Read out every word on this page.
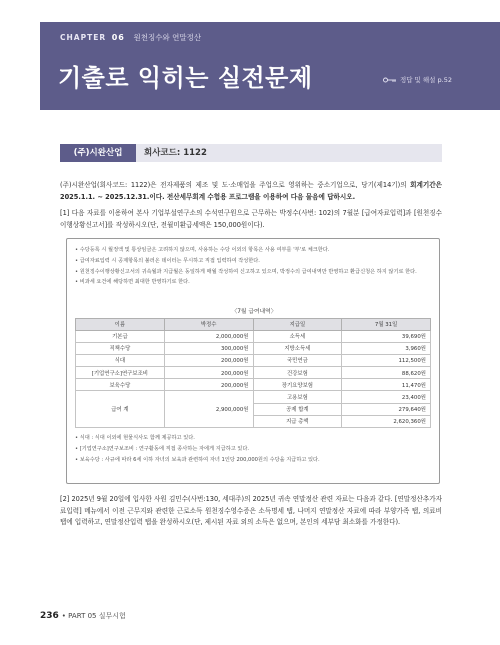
CHAPTER 06 원천징수와 연말정산
기출로 익히는 실전문제	정답 및 해설 p.52
(주)시완산업	회사코드: 1122
(주)시완산업(회사코드: 1122)은 전자제품의 제조 및 도·소매업을 주업으로 영위하는 중소기업으로, 당기(제14기)의 회계기간은 2025.1.1. ~ 2025.12.31.이다. 전산세무회계 수험용 프로그램을 이용하여 다음 물음에 답하시오.
[1] 다음 자료를 이용하여 본사 기업부설연구소의 수석연구원으로 근무하는 박정수(사번: 102)의 7월분 [급여자료입력]과 [원천징수이행상황신고서]를 작성하시오(단, 전월미환급세액은 150,000원이다).
• 수당등록 시 월정액 및 통상임금은 고려하지 않으며, 사용하는 수당 이외의 항목은 사용 여부를 '부'로 체크한다.
• 급여자료입력 시 공제항목의 불러온 데이터는 무시하고 직접 입력하여 작성한다.
• 원천징수이행상황신고서의 귀속월과 지급월은 동일하게 매월 작성하여 신고하고 있으며, 박정수의 급여내역만 반영하고 환급신청은 하지 않기로 한다.
• 비과세 요건에 해당하면 최대한 반영하기로 한다.
〈7월 급여내역〉
이름	박정수	지급일	7월 31일
기본급	2,000,000원	소득세	39,690원
직책수당	300,000원	지방소득세	3,960원
식대	200,000원	국민연금	112,500원
[기업연구소]연구보조비	200,000원	건강보험	88,620원
보육수당	200,000원	장기요양보험	11,470원
급여 계	2,900,000원	고용보험	23,400원
		공제 합계	279,640원
		지급 총액	2,620,360원
• 식대 : 식대 이외에 현물식사도 함께 제공하고 있다.
• [기업연구소]연구보조비 : 연구활동에 직접 종사하는 자에게 지급하고 있다.
• 보육수당 : 사규에 따라 6세 이하 자녀의 보육과 관련하여 자녀 1인당 200,000원의 수당을 지급하고 있다.
[2] 2025년 9월 20일에 입사한 사원 김민수(사번:130, 세대주)의 2025년 귀속 연말정산 관련 자료는 다음과 같다. [연말정산추가자료입력] 메뉴에서 이전 근무지와 관련한 근로소득 원천징수영수증은 소득명세 탭, 나머지 연말정산 자료에 따라 부양가족 탭, 의료비 탭에 입력하고, 연말정산입력 탭을 완성하시오(단, 제시된 자료 외의 소득은 없으며, 본인의 세부담 최소화를 가정한다).
236 • PART 05 실무시험
